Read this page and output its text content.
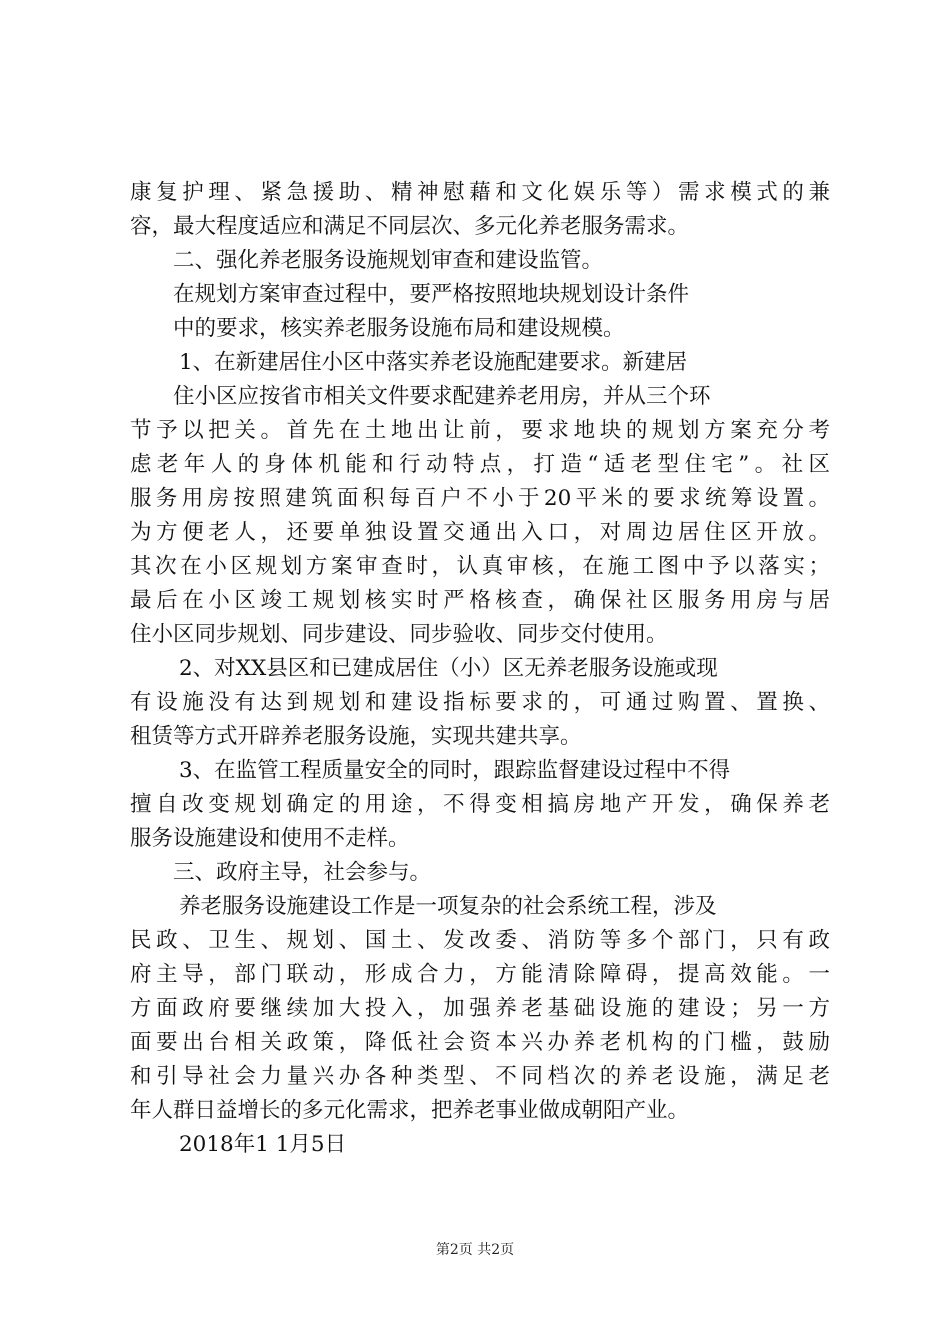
康复护理、紧急援助、精神慰藉和文化娱乐等）需求模式的兼
容，最大程度适应和满足不同层次、多元化养老服务需求。
二、强化养老服务设施规划审查和建设监管。
在规划方案审查过程中，要严格按照地块规划设计条件
中的要求，核实养老服务设施布局和建设规模。
1、在新建居住小区中落实养老设施配建要求。新建居
住小区应按省市相关文件要求配建养老用房，并从三个环
节予以把关。首先在土地出让前，要求地块的规划方案充分考
虑老年人的身体机能和行动特点，打造“适老型住宅”。社区
服务用房按照建筑面积每百户不小于20平米的要求统筹设置。
为方便老人，还要单独设置交通出入口，对周边居住区开放。
其次在小区规划方案审查时，认真审核，在施工图中予以落实；
最后在小区竣工规划核实时严格核查，确保社区服务用房与居
住小区同步规划、同步建设、同步验收、同步交付使用。
2、对XX县区和已建成居住（小）区无养老服务设施或现
有设施没有达到规划和建设指标要求的，可通过购置、置换、
租赁等方式开辟养老服务设施，实现共建共享。
3、在监管工程质量安全的同时，跟踪监督建设过程中不得
擅自改变规划确定的用途，不得变相搞房地产开发，确保养老
服务设施建设和使用不走样。
三、政府主导，社会参与。
养老服务设施建设工作是一项复杂的社会系统工程，涉及
民政、卫生、规划、国土、发改委、消防等多个部门，只有政
府主导，部门联动，形成合力，方能清除障碍，提高效能。一
方面政府要继续加大投入，加强养老基础设施的建设；另一方
面要出台相关政策，降低社会资本兴办养老机构的门槛，鼓励
和引导社会力量兴办各种类型、不同档次的养老设施，满足老
年人群日益增长的多元化需求，把养老事业做成朝阳产业。
2018年1 1月5日
第2页 共2页
